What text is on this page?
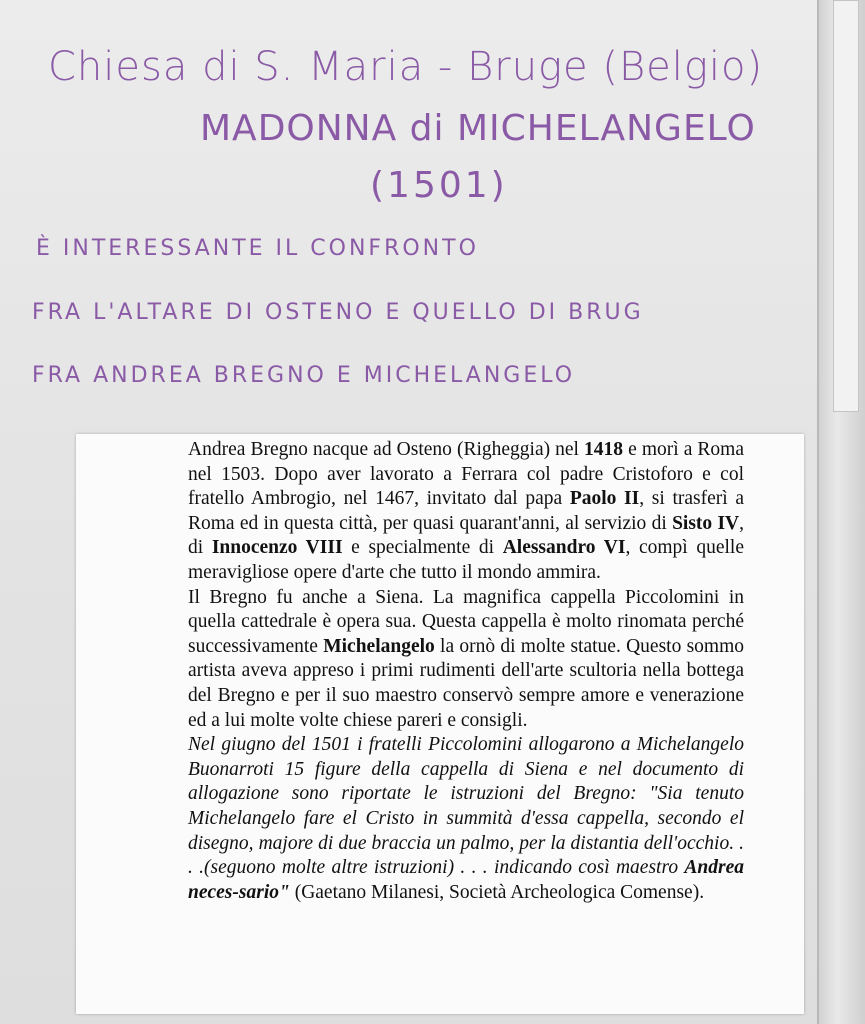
Chiesa di S. Maria - Bruge (Belgio)
MADONNA di MICHELANGELO
(1501)
È INTERESSANTE IL CONFRONTO
FRA L'ALTARE DI OSTENO E QUELLO DI BRUG
FRA ANDREA BREGNO E MICHELANGELO

Andrea Bregno nacque ad Osteno (Righeggia) nel 1418 e morì a Roma nel 1503. Dopo aver lavorato a Ferrara col padre Cristoforo e col fratello Ambrogio, nel 1467, invitato dal papa Paolo II, si trasferì a Roma ed in questa città, per quasi quarant'anni, al servizio di Sisto IV, di Innocenzo VIII e specialmente di Alessandro VI, compì quelle meravigliose opere d'arte che tutto il mondo ammira.

Il Bregno fu anche a Siena. La magnifica cappella Piccolomini in quella cattedrale è opera sua. Questa cappella è molto rinomata perché successivamente Michelangelo la ornò di molte statue. Questo sommo artista aveva appreso i primi rudimenti dell'arte scultoria nella bottega del Bregno e per il suo maestro conservò sempre amore e venerazione ed a lui molte volte chiese pareri e consigli.

Nel giugno del 1501 i fratelli Piccolomini allogarono a Michelangelo Buonarroti 15 figure della cappella di Siena e nel documento di allogazione sono riportate le istruzioni del Bregno: "Sia tenuto Michelangelo fare el Cristo in summità d'essa cappella, secondo el disegno, majore di due braccia un palmo, per la distantia dell'occhio. . . .(seguono molte altre istruzioni) . . . indicando così maestro Andrea neces-sario" (Gaetano Milanesi, Società Archeologica Comense).
